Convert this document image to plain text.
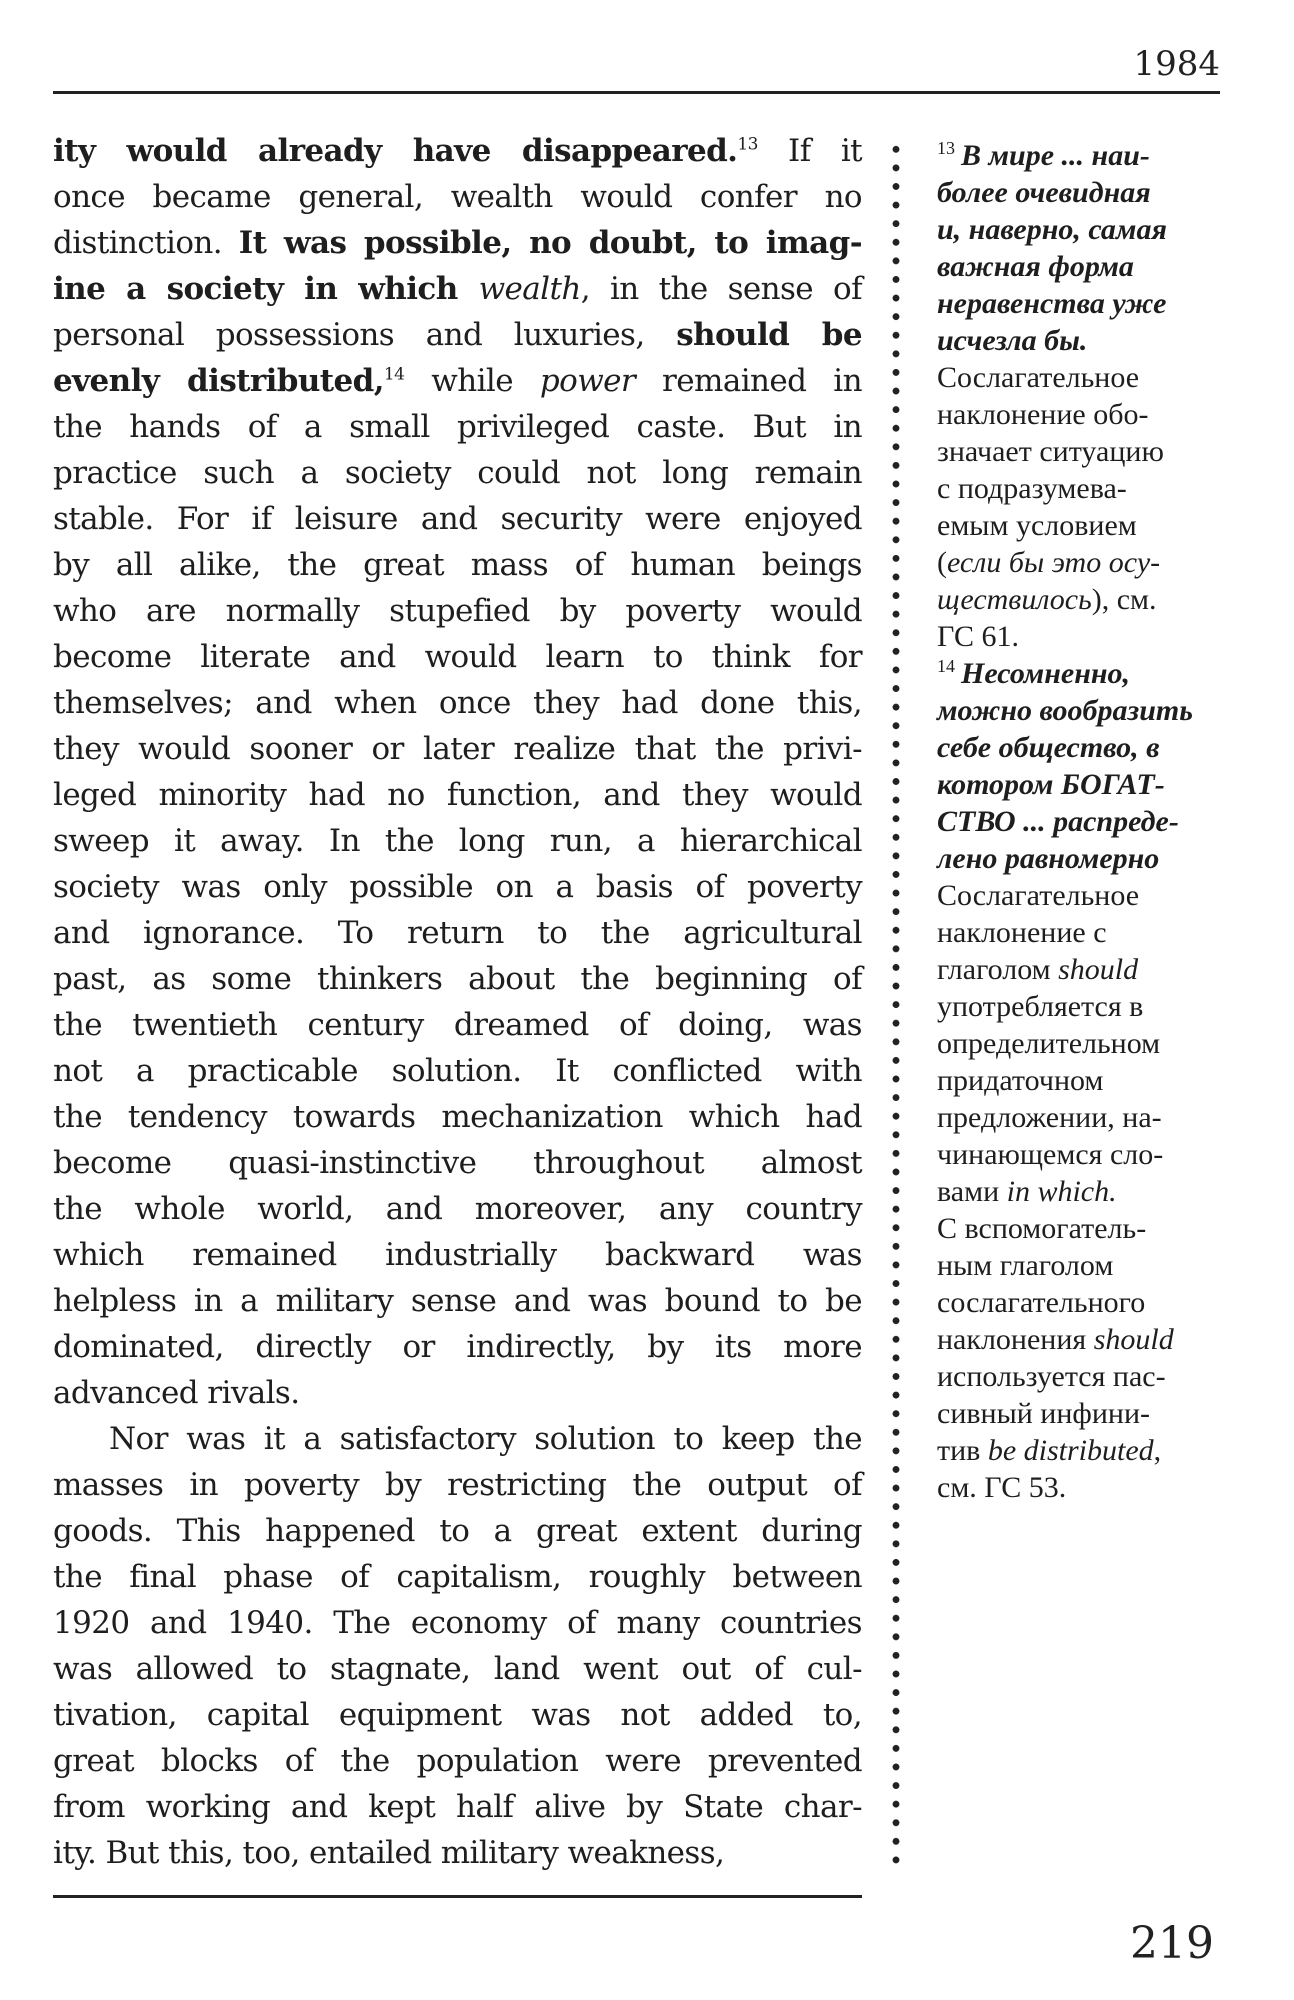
1984
ity would already have disappeared.$^{13}$ If it
once became general, wealth would confer no
distinction. It was possible, no doubt, to imag-
ine a society in which wealth, in the sense of
personal possessions and luxuries, should be
evenly distributed,$^{14}$ while power remained in
the hands of a small privileged caste. But in
practice such a society could not long remain
stable. For if leisure and security were enjoyed
by all alike, the great mass of human beings
who are normally stupefied by poverty would
become literate and would learn to think for
themselves; and when once they had done this,
they would sooner or later realize that the privi-
leged minority had no function, and they would
sweep it away. In the long run, a hierarchical
society was only possible on a basis of poverty
and ignorance. To return to the agricultural
past, as some thinkers about the beginning of
the twentieth century dreamed of doing, was
not a practicable solution. It conflicted with
the tendency towards mechanization which had
become quasi-instinctive throughout almost
the whole world, and moreover, any country
which remained industrially backward was
helpless in a military sense and was bound to be
dominated, directly or indirectly, by its more
advanced rivals.
Nor was it a satisfactory solution to keep the
masses in poverty by restricting the output of
goods. This happened to a great extent during
the final phase of capitalism, roughly between
1920 and 1940. The economy of many countries
was allowed to stagnate, land went out of cul-
tivation, capital equipment was not added to,
great blocks of the population were prevented
from working and kept half alive by State char-
ity. But this, too, entailed military weakness,
$^{13}$ В мире ... наи-
более очевидная
и, наверно, самая
важная форма
неравенства уже
исчезла бы.
Сослагательное
наклонение обо-
значает ситуацию
с подразумева-
емым условием
(если бы это осу-
ществилось), см.
ГС 61.
$^{14}$ Несомненно,
можно вообразить
себе общество, в
котором БОГАТ-
СТВО ... распреде-
лено равномерно
Сослагательное
наклонение с
глаголом should
употребляется в
определительном
придаточном
предложении, на-
чинающемся сло-
вами in which.
С вспомогатель-
ным глаголом
сослагательного
наклонения should
используется пас-
сивный инфини-
тив be distributed,
см. ГС 53.
219
